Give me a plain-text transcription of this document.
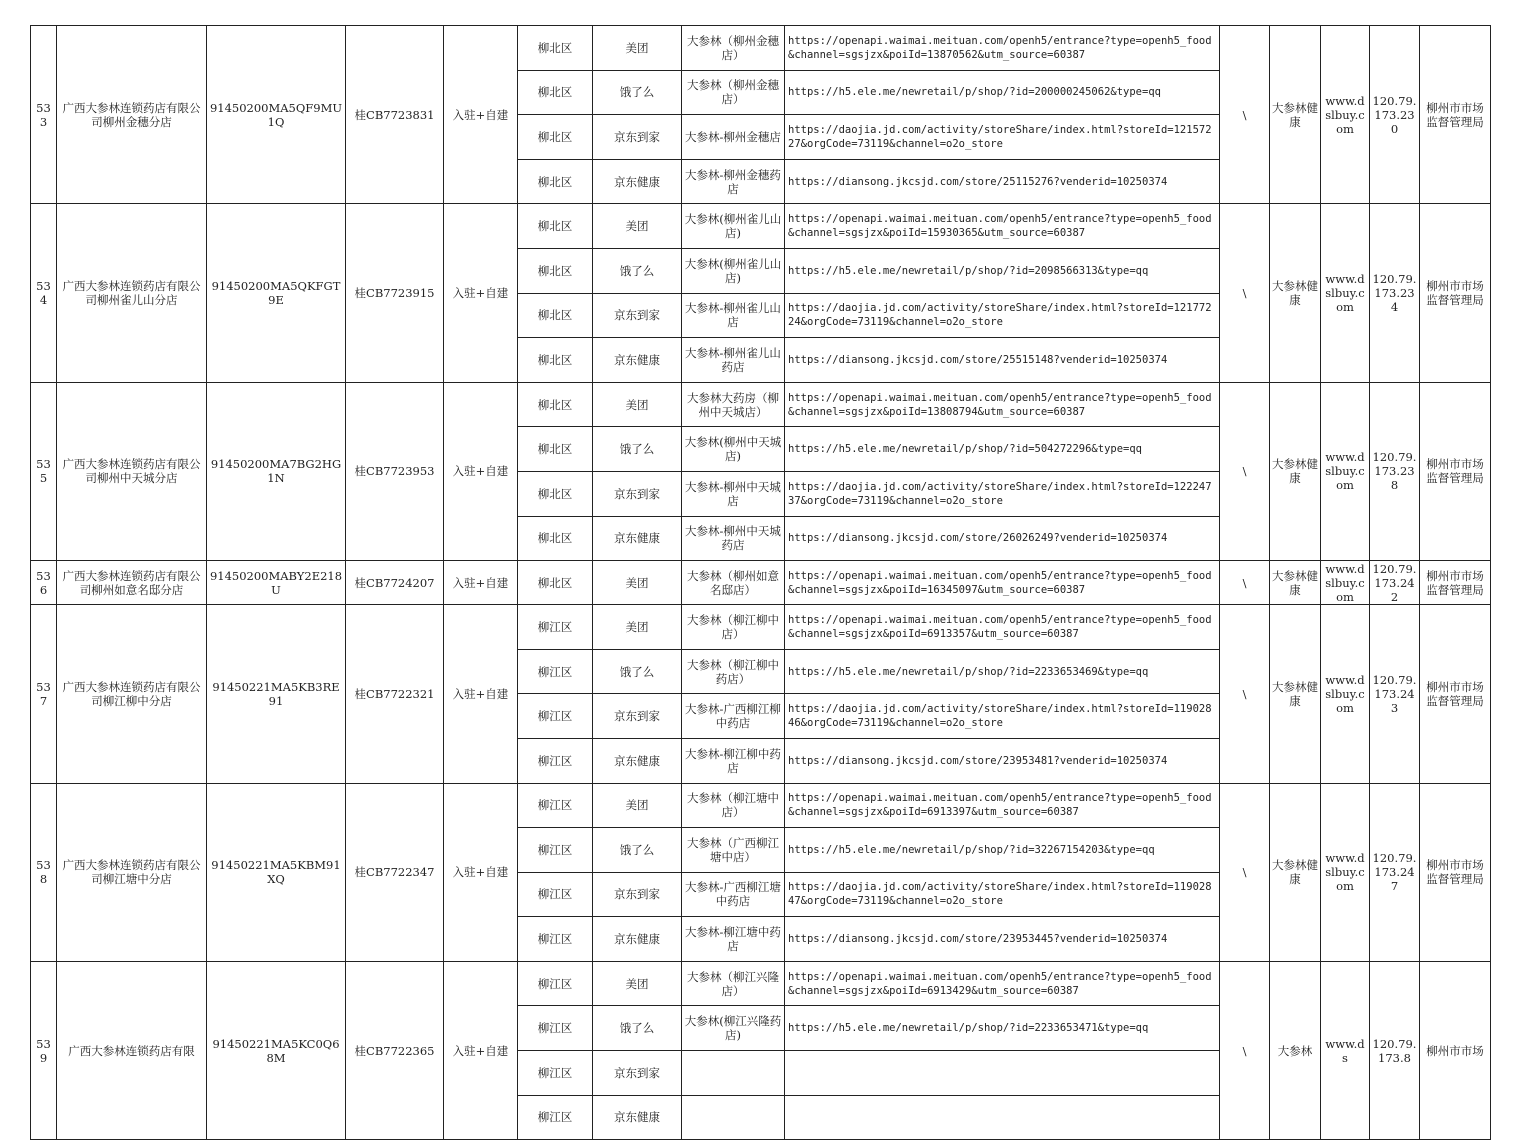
533	广西大参林连锁药店有限公司柳州金穗分店	91450200MA5QF9MU1Q	桂CB7723831	入驻+自建	柳北区	美团	大参林（柳州金穗店）	https://openapi.waimai.meituan.com/openh5/entrance?type=openh5_food&channel=sgsjzx&poiId=13870562&utm_source=60387	\	大参林健康	www.dslbuy.com	120.79.173.230	柳州市市场监督管理局
					柳北区	饿了么	大参林（柳州金穗店）	https://h5.ele.me/newretail/p/shop/?id=200000245062&type=qq					
					柳北区	京东到家	大参林-柳州金穗店	https://daojia.jd.com/activity/storeShare/index.html?storeId=12157227&orgCode=73119&channel=o2o_store					
					柳北区	京东健康	大参林-柳州金穗药店	https://diansong.jkcsjd.com/store/25115276?venderid=10250374					
534	广西大参林连锁药店有限公司柳州雀儿山分店	91450200MA5QKFGT9E	桂CB7723915	入驻+自建	柳北区	美团	大参林(柳州雀儿山店)	https://openapi.waimai.meituan.com/openh5/entrance?type=openh5_food&channel=sgsjzx&poiId=15930365&utm_source=60387	\	大参林健康	www.dslbuy.com	120.79.173.234	柳州市市场监督管理局
					柳北区	饿了么	大参林(柳州雀儿山店)	https://h5.ele.me/newretail/p/shop/?id=2098566313&type=qq					
					柳北区	京东到家	大参林-柳州雀儿山店	https://daojia.jd.com/activity/storeShare/index.html?storeId=12177224&orgCode=73119&channel=o2o_store					
					柳北区	京东健康	大参林-柳州雀儿山药店	https://diansong.jkcsjd.com/store/25515148?venderid=10250374					
535	广西大参林连锁药店有限公司柳州中天城分店	91450200MA7BG2HG1N	桂CB7723953	入驻+自建	柳北区	美团	大参林大药房（柳州中天城店）	https://openapi.waimai.meituan.com/openh5/entrance?type=openh5_food&channel=sgsjzx&poiId=13808794&utm_source=60387	\	大参林健康	www.dslbuy.com	120.79.173.238	柳州市市场监督管理局
					柳北区	饿了么	大参林(柳州中天城店)	https://h5.ele.me/newretail/p/shop/?id=504272296&type=qq					
					柳北区	京东到家	大参林-柳州中天城店	https://daojia.jd.com/activity/storeShare/index.html?storeId=12224737&orgCode=73119&channel=o2o_store					
					柳北区	京东健康	大参林-柳州中天城药店	https://diansong.jkcsjd.com/store/26026249?venderid=10250374					
536	广西大参林连锁药店有限公司柳州如意名邸分店	91450200MABY2E218U	桂CB7724207	入驻+自建	柳北区	美团	大参林（柳州如意名邸店）	https://openapi.waimai.meituan.com/openh5/entrance?type=openh5_food&channel=sgsjzx&poiId=16345097&utm_source=60387	\	大参林健康	www.dslbuy.com	120.79.173.242	柳州市市场监督管理局
537	广西大参林连锁药店有限公司柳江柳中分店	91450221MA5KB3RE91	桂CB7722321	入驻+自建	柳江区	美团	大参林（柳江柳中店）	https://openapi.waimai.meituan.com/openh5/entrance?type=openh5_food&channel=sgsjzx&poiId=6913357&utm_source=60387	\	大参林健康	www.dslbuy.com	120.79.173.243	柳州市市场监督管理局
					柳江区	饿了么	大参林（柳江柳中药店）	https://h5.ele.me/newretail/p/shop/?id=2233653469&type=qq					
					柳江区	京东到家	大参林-广西柳江柳中药店	https://daojia.jd.com/activity/storeShare/index.html?storeId=11902846&orgCode=73119&channel=o2o_store					
					柳江区	京东健康	大参林-柳江柳中药店	https://diansong.jkcsjd.com/store/23953481?venderid=10250374					
538	广西大参林连锁药店有限公司柳江塘中分店	91450221MA5KBM91XQ	桂CB7722347	入驻+自建	柳江区	美团	大参林（柳江塘中店）	https://openapi.waimai.meituan.com/openh5/entrance?type=openh5_food&channel=sgsjzx&poiId=6913397&utm_source=60387	\	大参林健康	www.dslbuy.com	120.79.173.247	柳州市市场监督管理局
					柳江区	饿了么	大参林（广西柳江塘中店）	https://h5.ele.me/newretail/p/shop/?id=32267154203&type=qq					
					柳江区	京东到家	大参林-广西柳江塘中药店	https://daojia.jd.com/activity/storeShare/index.html?storeId=11902847&orgCode=73119&channel=o2o_store					
					柳江区	京东健康	大参林-柳江塘中药店	https://diansong.jkcsjd.com/store/23953445?venderid=10250374					
539	广西大参林连锁药店有限	91450221MA5KC0Q68M	桂CB7722365	入驻+自建	柳江区	美团	大参林（柳江兴隆店）	https://openapi.waimai.meituan.com/openh5/entrance?type=openh5_food&channel=sgsjzx&poiId=6913429&utm_source=60387	\	大参林	www.ds	120.79.173.8	柳州市市场
					柳江区	饿了么	大参林(柳江兴隆药店)	https://h5.ele.me/newretail/p/shop/?id=2233653471&type=qq					
					柳江区	京东到家							
					柳江区	京东健康							
